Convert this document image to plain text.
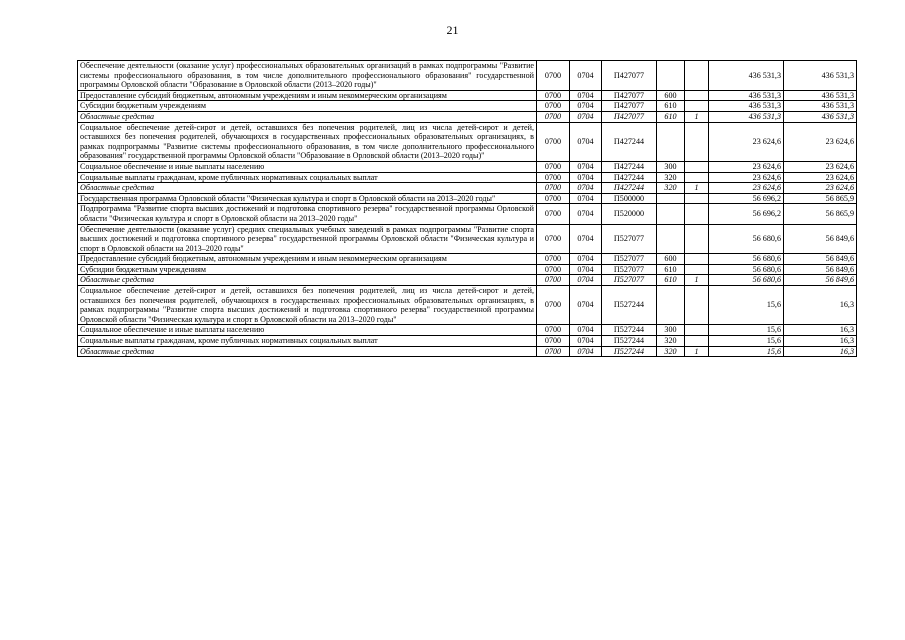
21
Обеспечение деятельности (оказание услуг) профессиональных образовательных организаций в рамках подпрограммы "Развитие системы профессионального образования, в том числе дополнительного профессионального образования" государственной программы Орловской области "Образование в Орловской области (2013–2020 годы)"	0700	0704	П427077			436 531,3	436 531,3
Предоставление субсидий бюджетным, автономным учреждениям и иным некоммерческим организациям	0700	0704	П427077	600		436 531,3	436 531,3
Субсидии бюджетным учреждениям	0700	0704	П427077	610		436 531,3	436 531,3
Областные средства	0700	0704	П427077	610	1	436 531,3	436 531,3
Социальное обеспечение детей-сирот и детей, оставшихся без попечения родителей, лиц из числа детей-сирот и детей, оставшихся без попечения родителей, обучающихся в государственных профессиональных образовательных организациях, в рамках подпрограммы "Развитие системы профессионального образования, в том числе дополнительного профессионального образования" государственной программы Орловской области "Образование в Орловской области (2013–2020 годы)"	0700	0704	П427244			23 624,6	23 624,6
Социальное обеспечение и иные выплаты населению	0700	0704	П427244	300		23 624,6	23 624,6
Социальные выплаты гражданам, кроме публичных нормативных социальных выплат	0700	0704	П427244	320		23 624,6	23 624,6
Областные средства	0700	0704	П427244	320	1	23 624,6	23 624,6
Государственная программа Орловской области "Физическая культура и спорт в Орловской области на 2013–2020 годы"	0700	0704	П500000			56 696,2	56 865,9
Подпрограмма "Развитие спорта высших достижений и подготовка спортивного резерва" государственной программы Орловской области "Физическая культура и спорт в Орловской области на 2013–2020 годы"	0700	0704	П520000			56 696,2	56 865,9
Обеспечение деятельности (оказание услуг) средних специальных учебных заведений в рамках подпрограммы "Развитие спорта высших достижений и подготовка спортивного резерва" государственной программы Орловской области "Физическая культура и спорт в Орловской области на 2013–2020 годы"	0700	0704	П527077			56 680,6	56 849,6
Предоставление субсидий бюджетным, автономным учреждениям и иным некоммерческим организациям	0700	0704	П527077	600		56 680,6	56 849,6
Субсидии бюджетным учреждениям	0700	0704	П527077	610		56 680,6	56 849,6
Областные средства	0700	0704	П527077	610	1	56 680,6	56 849,6
Социальное обеспечение детей-сирот и детей, оставшихся без попечения родителей, лиц из числа детей-сирот и детей, оставшихся без попечения родителей, обучающихся в государственных профессиональных образовательных организациях, в рамках подпрограммы "Развитие спорта высших достижений и подготовка спортивного резерва" государственной программы Орловской области "Физическая культура и спорт в Орловской области на 2013–2020 годы"	0700	0704	П527244			15,6	16,3
Социальное обеспечение и иные выплаты населению	0700	0704	П527244	300		15,6	16,3
Социальные выплаты гражданам, кроме публичных нормативных социальных выплат	0700	0704	П527244	320		15,6	16,3
Областные средства	0700	0704	П527244	320	1	15,6	16,3
